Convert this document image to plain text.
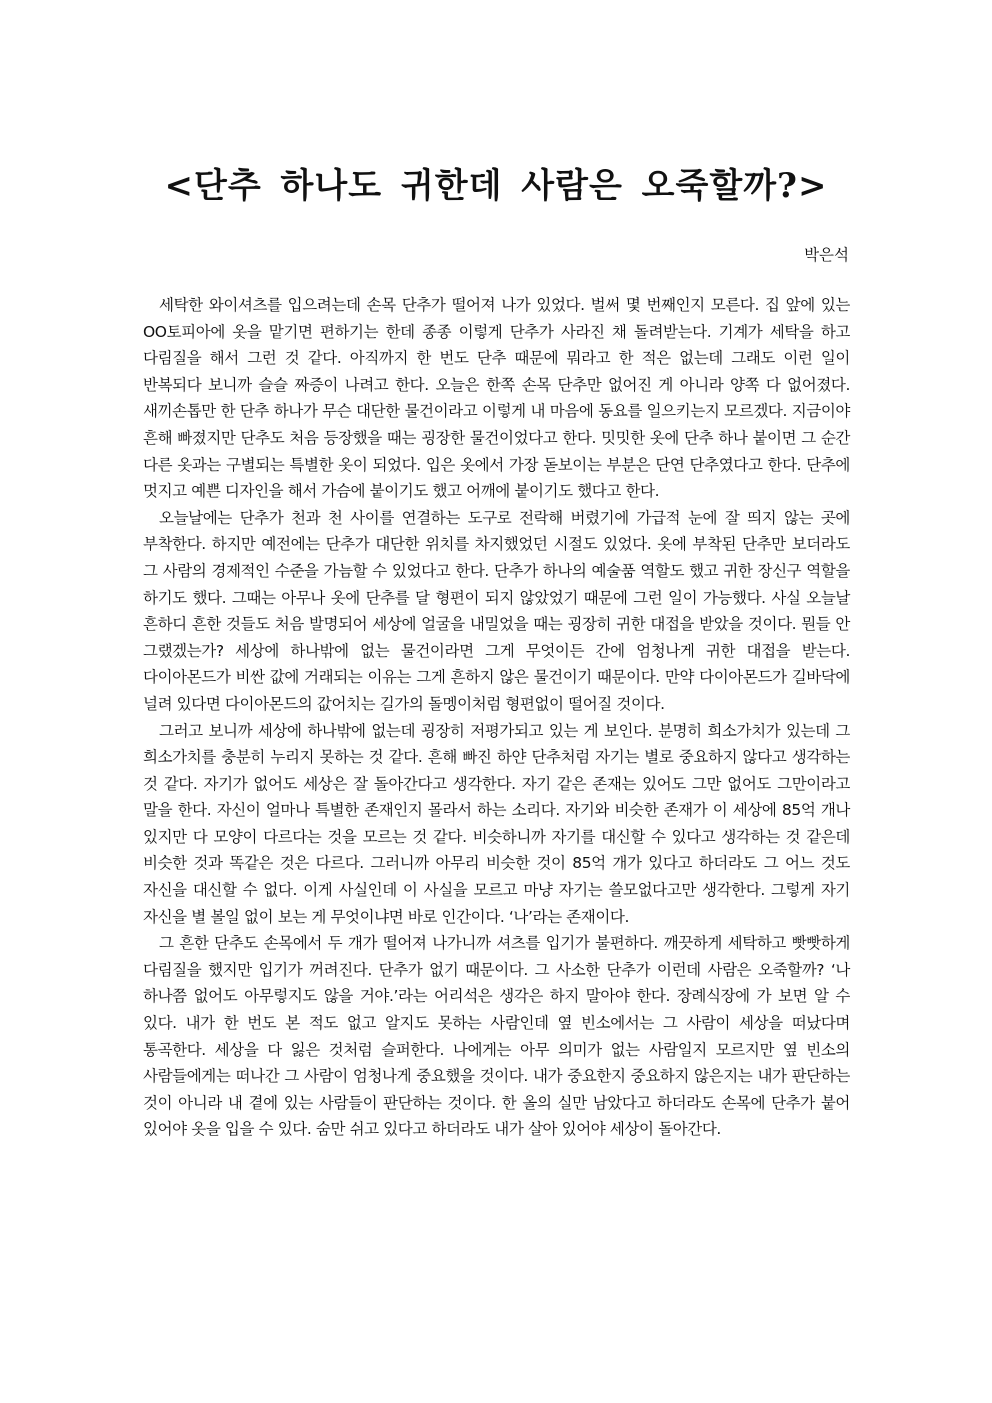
<단추 하나도 귀한데 사람은 오죽할까?>

박은석

세탁한 와이셔츠를 입으려는데 손목 단추가 떨어져 나가 있었다. 벌써 몇 번째인지 모른다. 집 앞에 있는 OO토피아에 옷을 맡기면 편하기는 한데 종종 이렇게 단추가 사라진 채 돌려받는다. 기계가 세탁을 하고 다림질을 해서 그런 것 같다. 아직까지 한 번도 단추 때문에 뭐라고 한 적은 없는데 그래도 이런 일이 반복되다 보니까 슬슬 짜증이 나려고 한다. 오늘은 한쪽 손목 단추만 없어진 게 아니라 양쪽 다 없어졌다. 새끼손톱만 한 단추 하나가 무슨 대단한 물건이라고 이렇게 내 마음에 동요를 일으키는지 모르겠다. 지금이야 흔해 빠졌지만 단추도 처음 등장했을 때는 굉장한 물건이었다고 한다. 밋밋한 옷에 단추 하나 붙이면 그 순간 다른 옷과는 구별되는 특별한 옷이 되었다. 입은 옷에서 가장 돋보이는 부분은 단연 단추였다고 한다. 단추에 멋지고 예쁜 디자인을 해서 가슴에 붙이기도 했고 어깨에 붙이기도 했다고 한다.

오늘날에는 단추가 천과 천 사이를 연결하는 도구로 전락해 버렸기에 가급적 눈에 잘 띄지 않는 곳에 부착한다. 하지만 예전에는 단추가 대단한 위치를 차지했었던 시절도 있었다. 옷에 부착된 단추만 보더라도 그 사람의 경제적인 수준을 가늠할 수 있었다고 한다. 단추가 하나의 예술품 역할도 했고 귀한 장신구 역할을 하기도 했다. 그때는 아무나 옷에 단추를 달 형편이 되지 않았었기 때문에 그런 일이 가능했다. 사실 오늘날 흔하디 흔한 것들도 처음 발명되어 세상에 얼굴을 내밀었을 때는 굉장히 귀한 대접을 받았을 것이다. 뭔들 안 그랬겠는가? 세상에 하나밖에 없는 물건이라면 그게 무엇이든 간에 엄청나게 귀한 대접을 받는다. 다이아몬드가 비싼 값에 거래되는 이유는 그게 흔하지 않은 물건이기 때문이다. 만약 다이아몬드가 길바닥에 널려 있다면 다이아몬드의 값어치는 길가의 돌멩이처럼 형편없이 떨어질 것이다.

그러고 보니까 세상에 하나밖에 없는데 굉장히 저평가되고 있는 게 보인다. 분명히 희소가치가 있는데 그 희소가치를 충분히 누리지 못하는 것 같다. 흔해 빠진 하얀 단추처럼 자기는 별로 중요하지 않다고 생각하는 것 같다. 자기가 없어도 세상은 잘 돌아간다고 생각한다. 자기 같은 존재는 있어도 그만 없어도 그만이라고 말을 한다. 자신이 얼마나 특별한 존재인지 몰라서 하는 소리다. 자기와 비슷한 존재가 이 세상에 85억 개나 있지만 다 모양이 다르다는 것을 모르는 것 같다. 비슷하니까 자기를 대신할 수 있다고 생각하는 것 같은데 비슷한 것과 똑같은 것은 다르다. 그러니까 아무리 비슷한 것이 85억 개가 있다고 하더라도 그 어느 것도 자신을 대신할 수 없다. 이게 사실인데 이 사실을 모르고 마냥 자기는 쓸모없다고만 생각한다. 그렇게 자기 자신을 별 볼일 없이 보는 게 무엇이냐면 바로 인간이다. ‘나’라는 존재이다.

그 흔한 단추도 손목에서 두 개가 떨어져 나가니까 셔츠를 입기가 불편하다. 깨끗하게 세탁하고 빳빳하게 다림질을 했지만 입기가 꺼려진다. 단추가 없기 때문이다. 그 사소한 단추가 이런데 사람은 오죽할까? ‘나 하나쯤 없어도 아무렇지도 않을 거야.’라는 어리석은 생각은 하지 말아야 한다. 장례식장에 가 보면 알 수 있다. 내가 한 번도 본 적도 없고 알지도 못하는 사람인데 옆 빈소에서는 그 사람이 세상을 떠났다며 통곡한다. 세상을 다 잃은 것처럼 슬퍼한다. 나에게는 아무 의미가 없는 사람일지 모르지만 옆 빈소의 사람들에게는 떠나간 그 사람이 엄청나게 중요했을 것이다. 내가 중요한지 중요하지 않은지는 내가 판단하는 것이 아니라 내 곁에 있는 사람들이 판단하는 것이다. 한 올의 실만 남았다고 하더라도 손목에 단추가 붙어 있어야 옷을 입을 수 있다. 숨만 쉬고 있다고 하더라도 내가 살아 있어야 세상이 돌아간다.
